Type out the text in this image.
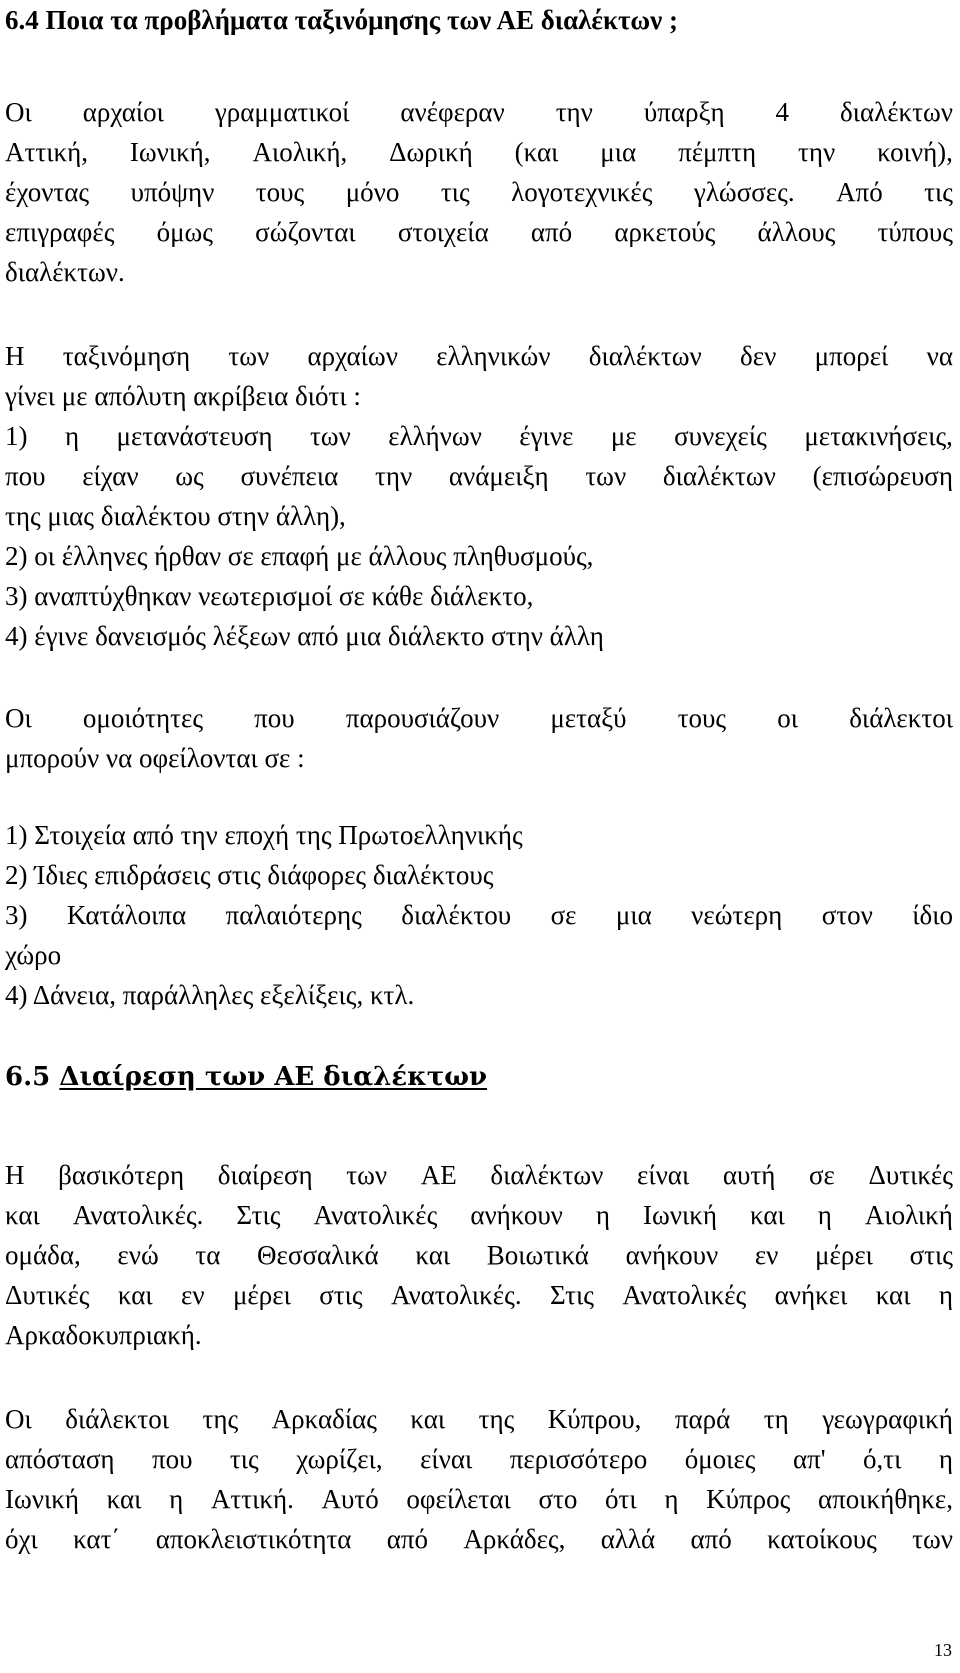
6.4 Ποια τα προβλήματα ταξινόμησης των ΑΕ διαλέκτων ;
Οι αρχαίοι γραμματικοί ανέφεραν την ύπαρξη 4 διαλέκτων
Αττική, Ιωνική, Αιολική, Δωρική (και μια πέμπτη την κοινή),
έχοντας υπόψην τους μόνο τις λογοτεχνικές γλώσσες. Από τις
επιγραφές όμως σώζονται στοιχεία από αρκετούς άλλους τύπους
διαλέκτων.
Η ταξινόμηση των αρχαίων ελληνικών διαλέκτων δεν μπορεί να
γίνει με απόλυτη ακρίβεια διότι :
1) η μετανάστευση των ελλήνων έγινε με συνεχείς μετακινήσεις,
που είχαν ως συνέπεια την ανάμειξη των διαλέκτων (επισώρευση
της μιας διαλέκτου στην άλλη),
2) οι έλληνες ήρθαν σε επαφή με άλλους πληθυσμούς,
3) αναπτύχθηκαν νεωτερισμοί σε κάθε διάλεκτο,
4) έγινε δανεισμός λέξεων από μια διάλεκτο στην άλλη
Οι ομοιότητες που παρουσιάζουν μεταξύ τους οι διάλεκτοι
μπορούν να οφείλονται σε :
1) Στοιχεία από την εποχή της Πρωτοελληνικής
2) Ίδιες επιδράσεις στις διάφορες διαλέκτους
3) Κατάλοιπα παλαιότερης διαλέκτου σε μια νεώτερη στον ίδιο
χώρο
4) Δάνεια, παράλληλες εξελίξεις, κτλ.
6.5 Διαίρεση των ΑΕ διαλέκτων
Η βασικότερη διαίρεση των ΑΕ διαλέκτων είναι αυτή σε Δυτικές
και Ανατολικές. Στις Ανατολικές ανήκουν η Ιωνική και η Αιολική
ομάδα, ενώ τα Θεσσαλικά και Βοιωτικά ανήκουν εν μέρει στις
Δυτικές και εν μέρει στις Ανατολικές. Στις Ανατολικές ανήκει και η
Αρκαδοκυπριακή.
Οι διάλεκτοι της Αρκαδίας και της Κύπρου, παρά τη γεωγραφική
απόσταση που τις χωρίζει, είναι περισσότερο όμοιες απ' ό,τι η
Ιωνική και η Αττική. Αυτό οφείλεται στο ότι η Κύπρος αποικήθηκε,
όχι κατ΄ αποκλειστικότητα από Αρκάδες, αλλά από κατοίκους των
13
